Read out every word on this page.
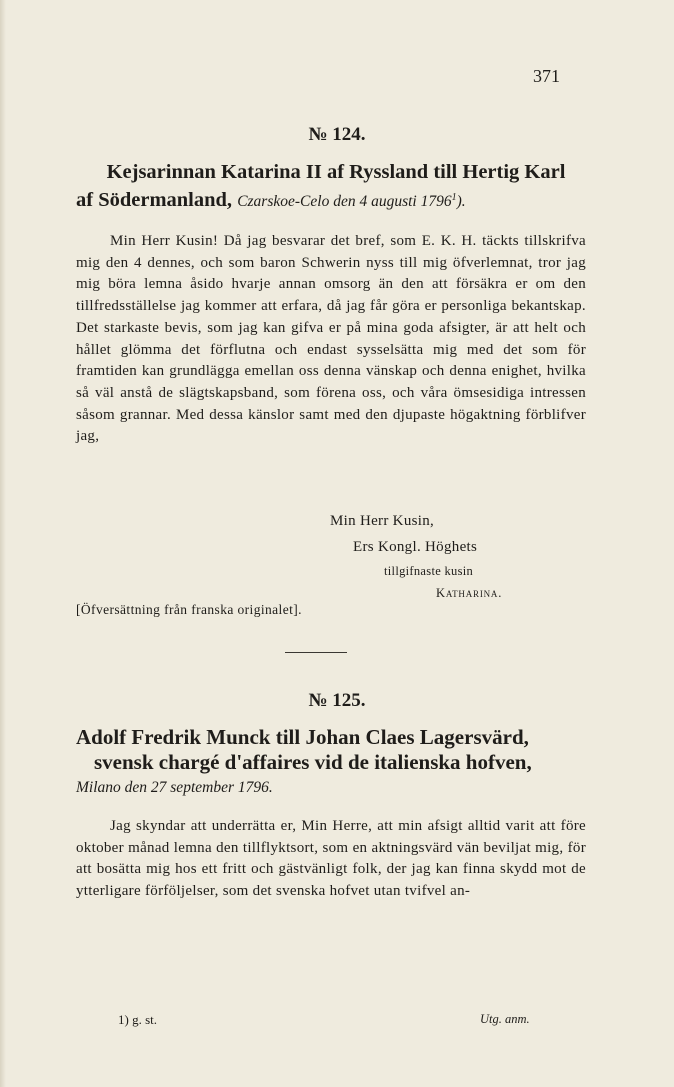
371
№ 124.
Kejsarinnan Katarina II af Ryssland till Hertig Karl
af Södermanland, Czarskoe-Celo den 4 augusti 1796$^1$).

Min Herr Kusin! Då jag besvarar det bref, som E. K. H. täckts tillskrifva mig den 4 dennes, och som baron Schwerin nyss till mig öfverlemnat, tror jag mig böra lemna åsido hvarje annan omsorg än den att försäkra er om den tillfredsställelse jag kommer att erfara, då jag får göra er personliga bekantskap. Det starkaste bevis, som jag kan gifva er på mina goda afsigter, är att helt och hållet glömma det förflutna och endast sysselsätta mig med det som för framtiden kan grundlägga emellan oss denna vänskap och denna enighet, hvilka så väl anstå de slägtskapsband, som förena oss, och våra ömsesidiga intressen såsom grannar. Med dessa känslor samt med den djupaste högaktning förblifver jag,

Min Herr Kusin,
Ers Kongl. Höghets
tillgifnaste kusin
Katharina.
[Öfversättning från franska originalet].
№ 125.
Adolf Fredrik Munck till Johan Claes Lagersvärd,
svensk chargé d'affaires vid de italienska hofven,
Milano den 27 september 1796.

Jag skyndar att underrätta er, Min Herre, att min afsigt alltid varit att före oktober månad lemna den tillflyktsort, som en aktningsvärd vän beviljat mig, för att bosätta mig hos ett fritt och gästvänligt folk, der jag kan finna skydd mot de ytterligare förföljelser, som det svenska hofvet utan tvifvel an-

1) g. st.	Utg. anm.
